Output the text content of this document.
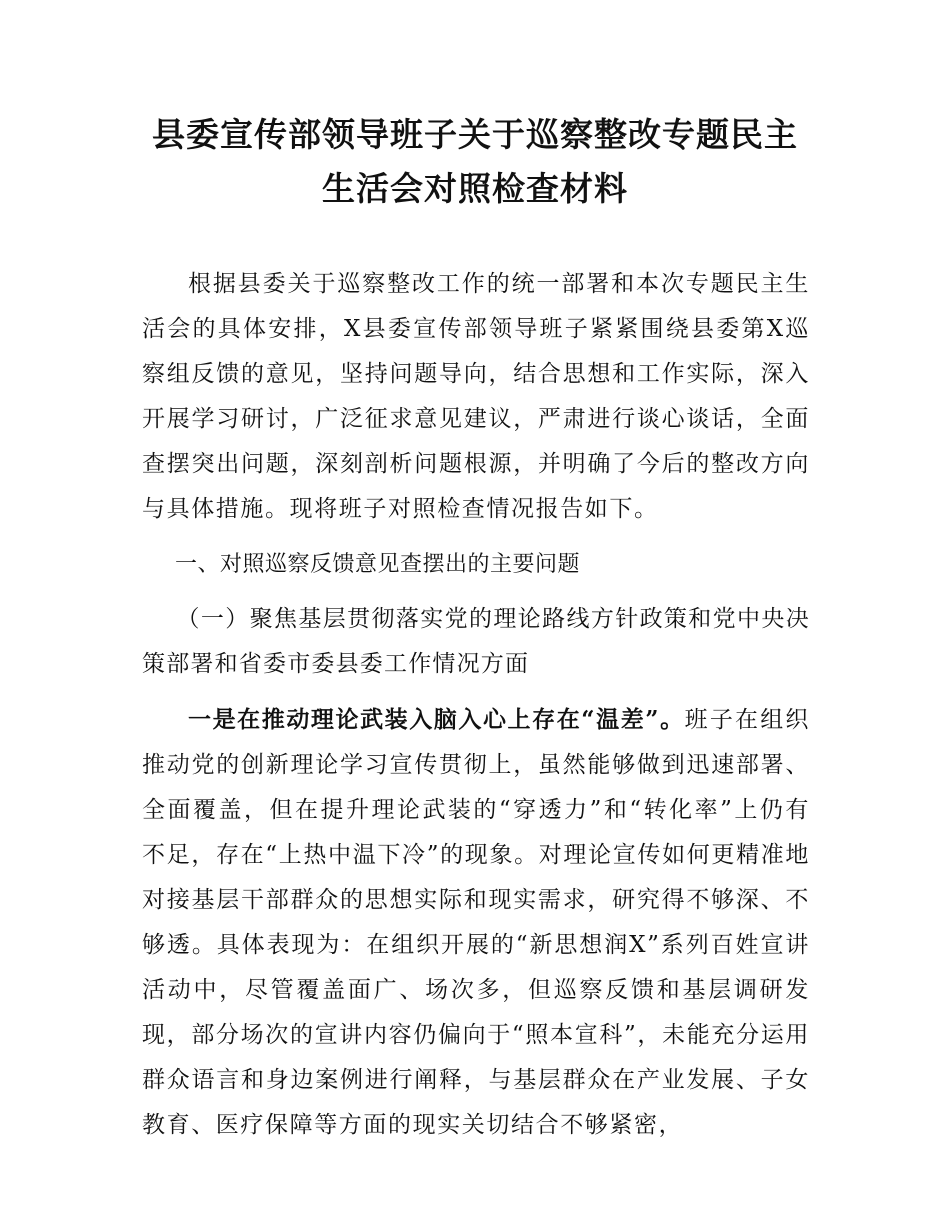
县委宣传部领导班子关于巡察整改专题民主
生活会对照检查材料

根据县委关于巡察整改工作的统一部署和本次专题民主生活会的具体安排，X县委宣传部领导班子紧紧围绕县委第X巡察组反馈的意见，坚持问题导向，结合思想和工作实际，深入开展学习研讨，广泛征求意见建议，严肃进行谈心谈话，全面查摆突出问题，深刻剖析问题根源，并明确了今后的整改方向与具体措施。现将班子对照检查情况报告如下。

一、对照巡察反馈意见查摆出的主要问题

（一）聚焦基层贯彻落实党的理论路线方针政策和党中央决策部署和省委市委县委工作情况方面

一是在推动理论武装入脑入心上存在“温差”。班子在组织推动党的创新理论学习宣传贯彻上，虽然能够做到迅速部署、全面覆盖，但在提升理论武装的“穿透力”和“转化率”上仍有不足，存在“上热中温下冷”的现象。对理论宣传如何更精准地对接基层干部群众的思想实际和现实需求，研究得不够深、不够透。具体表现为：在组织开展的“新思想润X”系列百姓宣讲活动中，尽管覆盖面广、场次多，但巡察反馈和基层调研发现，部分场次的宣讲内容仍偏向于“照本宣科”，未能充分运用群众语言和身边案例进行阐释，与基层群众在产业发展、子女教育、医疗保障等方面的现实关切结合不够紧密，
